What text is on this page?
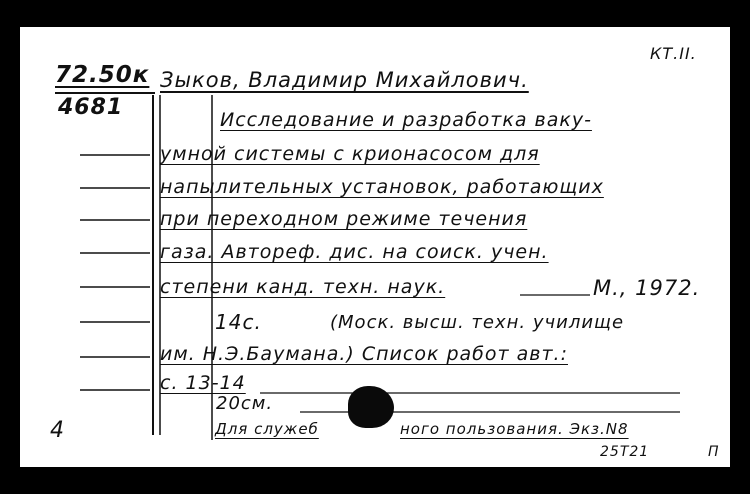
КТ.II.
72.50к
4681
Зыков, Владимир Михайлович.
Исследование и разработка ваку-
умной системы с крионасосом для
напылительных установок, работающих
при переходном режиме течения
газа. Автореф. дис. на соиск. учен.
степени канд. техн. наук.	М., 1972.
14с.	(Моск. высш. техн. училище
им. Н.Э.Баумана.) Список работ авт.:
с. 13-14
20см.
4	Для служеб	ного пользования. Экз.N8
25Т21	П
